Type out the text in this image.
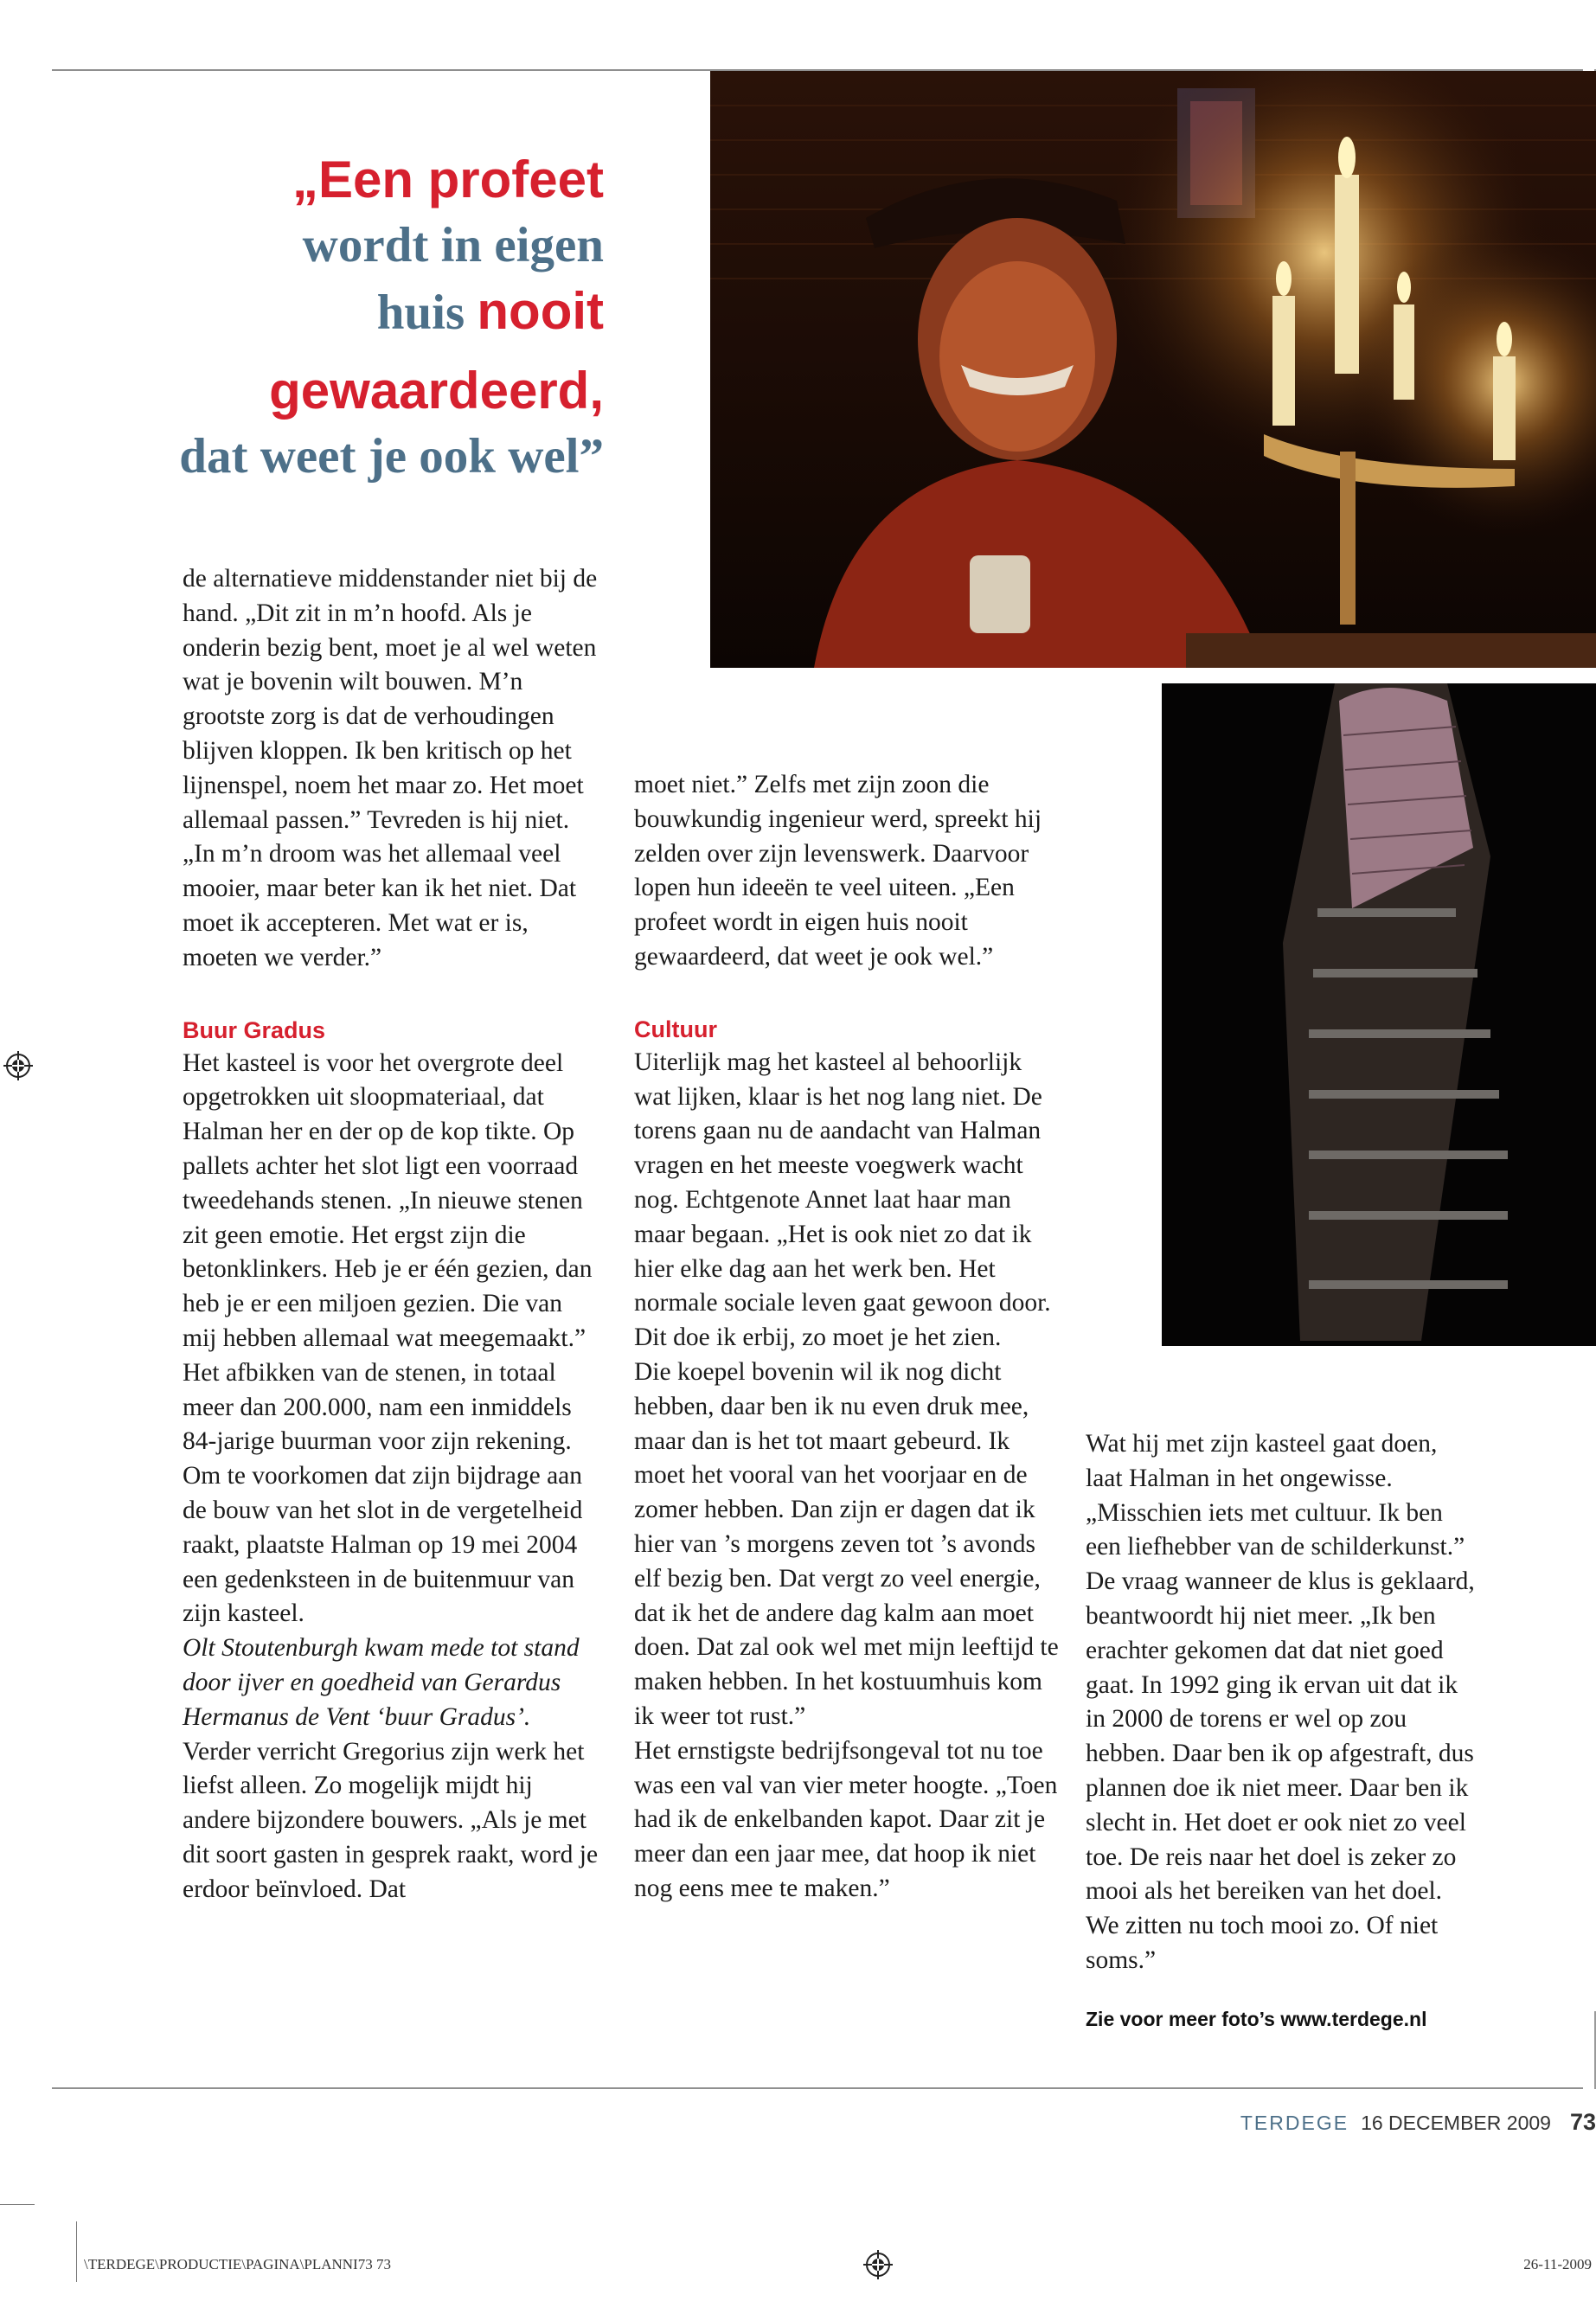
„Een profeet
wordt in eigen
huis nooit
gewaardeerd,
dat weet je ook wel”

de alternatieve middenstander niet bij de hand. „Dit zit in m’n hoofd. Als je onderin bezig bent, moet je al wel weten wat je bovenin wilt bouwen. M’n grootste zorg is dat de verhoudingen blijven kloppen. Ik ben kritisch op het lijnenspel, noem het maar zo. Het moet allemaal passen.” Tevreden is hij niet. „In m’n droom was het allemaal veel mooier, maar beter kan ik het niet. Dat moet ik accepteren. Met wat er is, moeten we verder.”

Buur Gradus

Het kasteel is voor het overgrote deel opgetrokken uit sloopmateriaal, dat Halman her en der op de kop tikte. Op pallets achter het slot ligt een voorraad tweedehands stenen. „In nieuwe stenen zit geen emotie. Het ergst zijn die betonklinkers. Heb je er één gezien, dan heb je er een miljoen gezien. Die van mij hebben allemaal wat meegemaakt.”

Het afbikken van de stenen, in totaal meer dan 200.000, nam een inmiddels 84-jarige buurman voor zijn rekening. Om te voorkomen dat zijn bijdrage aan de bouw van het slot in de vergetelheid raakt, plaatste Halman op 19 mei 2004 een gedenksteen in de buitenmuur van zijn kasteel.

Olt Stoutenburgh kwam mede tot stand door ijver en goedheid van Gerardus Hermanus de Vent ‘buur Gradus’.

Verder verricht Gregorius zijn werk het liefst alleen. Zo mogelijk mijdt hij andere bijzondere bouwers. „Als je met dit soort gasten in gesprek raakt, word je erdoor beïnvloed. Dat

moet niet.” Zelfs met zijn zoon die bouwkundig ingenieur werd, spreekt hij zelden over zijn levenswerk. Daarvoor lopen hun ideeën te veel uiteen. „Een profeet wordt in eigen huis nooit gewaardeerd, dat weet je ook wel.”

Cultuur

Uiterlijk mag het kasteel al behoorlijk wat lijken, klaar is het nog lang niet. De torens gaan nu de aandacht van Halman vragen en het meeste voegwerk wacht nog. Echtgenote Annet laat haar man maar begaan. „Het is ook niet zo dat ik hier elke dag aan het werk ben. Het normale sociale leven gaat gewoon door. Dit doe ik erbij, zo moet je het zien.

Die koepel bovenin wil ik nog dicht hebben, daar ben ik nu even druk mee, maar dan is het tot maart gebeurd. Ik moet het vooral van het voorjaar en de zomer hebben. Dan zijn er dagen dat ik hier van ’s morgens zeven tot ’s avonds elf bezig ben. Dat vergt zo veel energie, dat ik het de andere dag kalm aan moet doen. Dat zal ook wel met mijn leeftijd te maken hebben. In het kostuumhuis kom ik weer tot rust.”

Het ernstigste bedrijfsongeval tot nu toe was een val van vier meter hoogte. „Toen had ik de enkelbanden kapot. Daar zit je meer dan een jaar mee, dat hoop ik niet nog eens mee te maken.”

Wat hij met zijn kasteel gaat doen, laat Halman in het ongewisse. „Misschien iets met cultuur. Ik ben een liefhebber van de schilderkunst.” De vraag wanneer de klus is geklaard, beantwoordt hij niet meer. „Ik ben erachter gekomen dat dat niet goed gaat. In 1992 ging ik ervan uit dat ik in 2000 de torens er wel op zou hebben. Daar ben ik op afgestraft, dus plannen doe ik niet meer. Daar ben ik slecht in. Het doet er ook niet zo veel toe. De reis naar het doel is zeker zo mooi als het bereiken van het doel. We zitten nu toch mooi zo. Of niet soms.”

Zie voor meer foto’s www.terdege.nl

TERDEGE 16 DECEMBER 2009 73
\TERDEGE\PRODUCTIE\PAGINA\PLANNI73 73	26-11-2009
